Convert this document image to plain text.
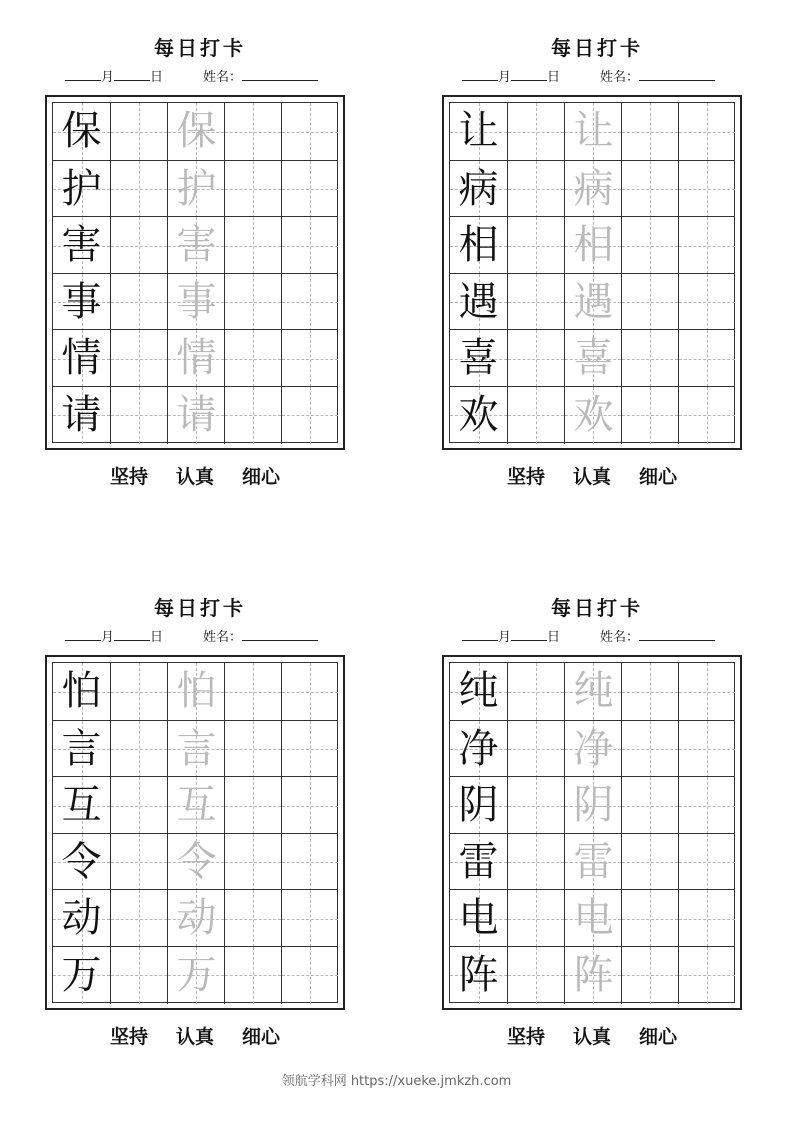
每日打卡
月	日	姓名：
保 保
护 护
害 害
事 事
情 情
请 请
坚持 认真 细心
每日打卡
月	日	姓名：
让 让
病 病
相 相
遇 遇
喜 喜
欢 欢
坚持 认真 细心
每日打卡
月	日	姓名：
怕 怕
言 言
互 互
令 令
动 动
万 万
坚持 认真 细心
每日打卡
月	日	姓名：
纯 纯
净 净
阴 阴
雷 雷
电 电
阵 阵
坚持 认真 细心
领航学科网 https://xueke.jmkzh.com
